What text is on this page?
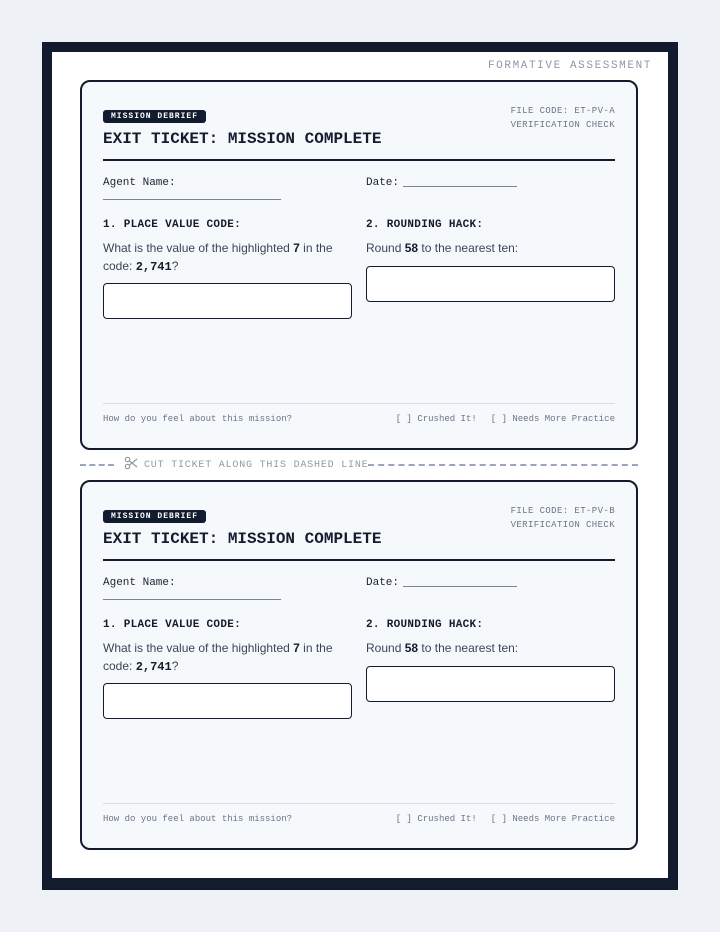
FORMATIVE ASSESSMENT
MISSION DEBRIEF
FILE CODE: ET-PV-A
VERIFICATION CHECK
EXIT TICKET: MISSION COMPLETE
Agent Name:	Date:
1. PLACE VALUE CODE:
What is the value of the highlighted 7 in the code: 2,741?
2. ROUNDING HACK:
Round 58 to the nearest ten:
How do you feel about this mission?	[ ] Crushed It! [ ] Needs More Practice
CUT TICKET ALONG THIS DASHED LINE
MISSION DEBRIEF
FILE CODE: ET-PV-B
VERIFICATION CHECK
EXIT TICKET: MISSION COMPLETE
Agent Name:	Date:
1. PLACE VALUE CODE:
What is the value of the highlighted 7 in the code: 2,741?
2. ROUNDING HACK:
Round 58 to the nearest ten:
How do you feel about this mission?	[ ] Crushed It! [ ] Needs More Practice
